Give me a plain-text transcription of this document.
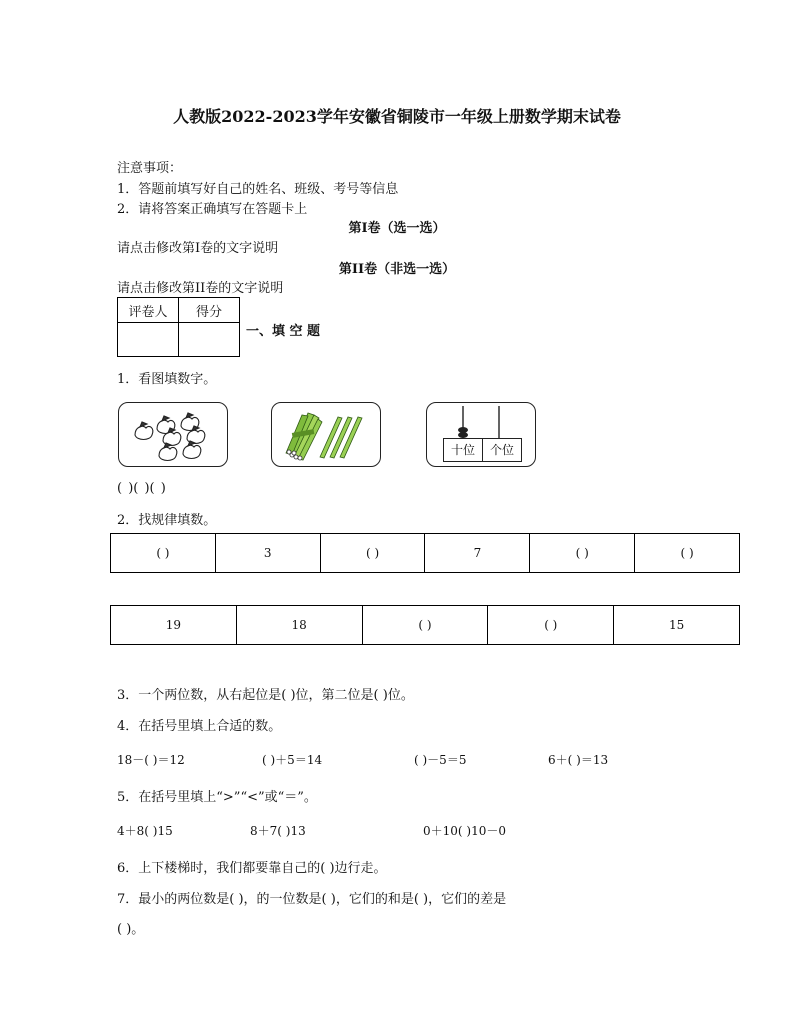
人教版2022-2023学年安徽省铜陵市一年级上册数学期末试卷
注意事项：
1．答题前填写好自己的姓名、班级、考号等信息
2．请将答案正确填写在答题卡上
第I卷（选一选）
请点击修改第I卷的文字说明
第II卷（非选一选）
请点击修改第II卷的文字说明
评卷人	得分

一、填 空 题
1．看图填数字。
十位	个位
( )( )( )
2．找规律填数。
( )	3	( )	7	( )	( )
19	18	( )	( )	15
3．一个两位数，从右起位是( )位，第二位是( )位。
4．在括号里填上合适的数。
18－( )＝12	( )＋5＝14	( )－5＝5	6＋( )＝13
5．在括号里填上“>”“<”或“＝”。
4＋8( )15	8＋7( )13	0＋10( )10－0
6．上下楼梯时，我们都要靠自己的( )边行走。
7．最小的两位数是( )，的一位数是( )，它们的和是( )，它们的差是
( )。
